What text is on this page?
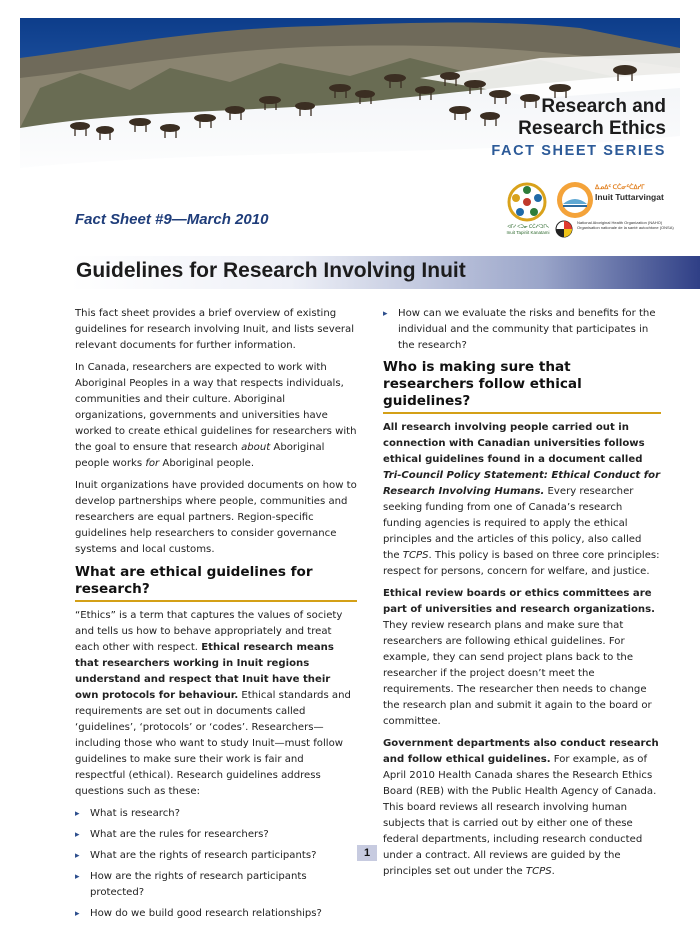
Research and
Research Ethics
FACT SHEET SERIES
Fact Sheet #9—March 2010	ᐊᒥᓯ ᐸᑐᓂ ᑕᑖᓯᑦᑐᒥᓴ Inuit Tapiriit Kanatami
ᐃᓄᐃᑦ ᑕᑖᓂᑦᑖᐃᓯᒥ
Inuit Tuttarvingat
National Aboriginal Health Organization (NAHO) Organisation nationale de la santé autochtone (ONSA)
Guidelines for Research Involving Inuit

This fact sheet provides a brief overview of existing guidelines for research involving Inuit, and lists several relevant documents for further information.

In Canada, researchers are expected to work with Aboriginal Peoples in a way that respects individuals, communities and their culture. Aboriginal organizations, governments and universities have worked to create ethical guidelines for researchers with the goal to ensure that research about Aboriginal people works for Aboriginal people.

Inuit organizations have provided documents on how to develop partnerships where people, communities and researchers are equal partners. Region-specific guidelines help researchers to consider governance systems and local customs.

What are ethical guidelines for research?

“Ethics” is a term that captures the values of society and tells us how to behave appropriately and treat each other with respect. Ethical research means that researchers working in Inuit regions understand and respect that Inuit have their own protocols for behaviour. Ethical standards and requirements are set out in documents called ‘guidelines’, ‘protocols’ or ‘codes’. Researchers—including those who want to study Inuit—must follow guidelines to make sure their work is fair and respectful (ethical). Research guidelines address questions such as these:

▸ What is research?
▸ What are the rules for researchers?
▸ What are the rights of research participants?
▸ How are the rights of research participants protected?
▸ How do we build good research relationships?
▸ How can we evaluate the risks and benefits for the individual and the community that participates in the research?
Who is making sure that researchers follow ethical guidelines?

All research involving people carried out in connection with Canadian universities follows ethical guidelines found in a document called Tri-Council Policy Statement: Ethical Conduct for Research Involving Humans. Every researcher seeking funding from one of Canada’s research funding agencies is required to apply the ethical principles and the articles of this policy, also called the TCPS. This policy is based on three core principles: respect for persons, concern for welfare, and justice.

Ethical review boards or ethics committees are part of universities and research organizations. They review research plans and make sure that researchers are following ethical guidelines. For example, they can send project plans back to the researcher if the project doesn’t meet the requirements. The researcher then needs to change the research plan and submit it again to the board or committee.

Government departments also conduct research and follow ethical guidelines. For example, as of April 2010 Health Canada shares the Research Ethics Board (REB) with the Public Health Agency of Canada. This board reviews all research involving human subjects that is carried out by either one of these federal departments, including research conducted under a contract. All reviews are guided by the principles set out under the TCPS.

1
